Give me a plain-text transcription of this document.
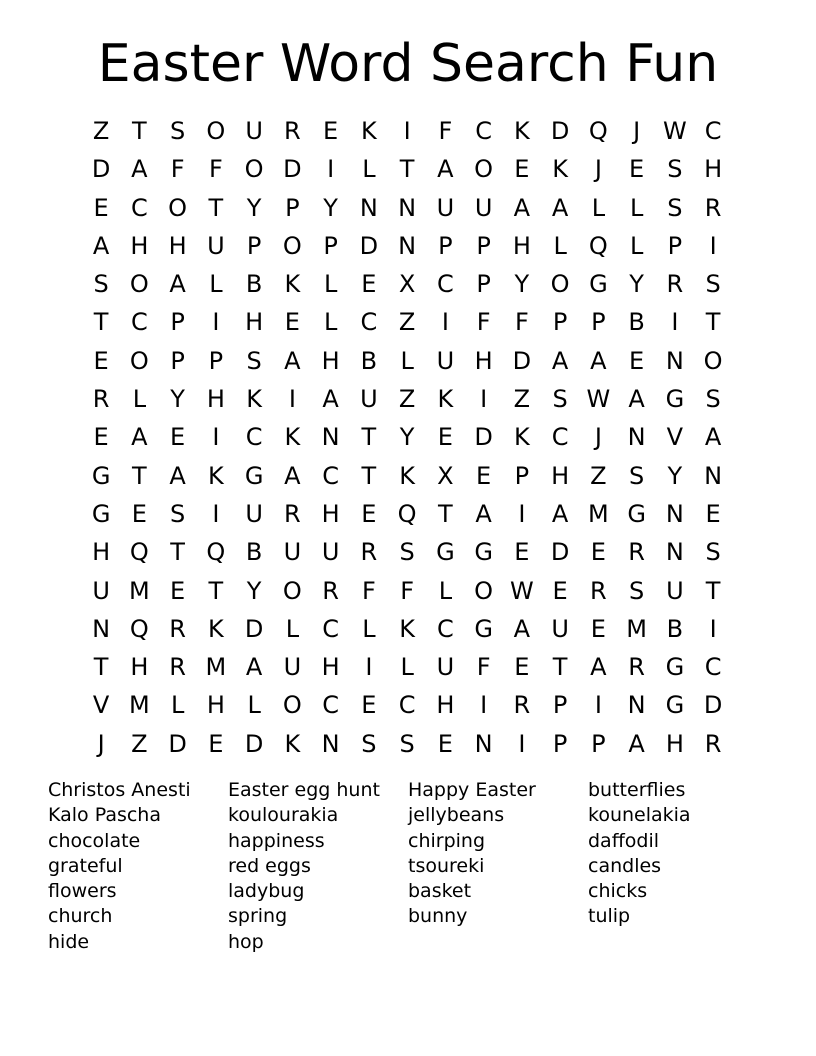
Easter Word Search Fun
Z T S O U R E K	I	F C K D Q	J W C
D A F	F O D	I	L	T A O E K	J	E S H
E C O T Y P Y N N U U A A L	L S R
A H H U P O P D N P P H L Q L	P	I
S O A L B K L E X C P Y O G Y R S
T C P	I	H E L C Z	I	F	F	P P B	I	T
E O P P S A H B L U H D A A E N O
R L	Y H K	I	A U Z K	I	Z S W A G S
E A E	I	C K N T Y E D K C	J	N V A
G T A K G A C T K X E P H Z S Y N
G E S	I	U R H E Q T A	I	A M G N E
H Q T Q B U U R S G G E D E R N S
U M E T Y O R F	F	L O W E R S U T
N Q R K D L C L K C G A U E M B	I
T H R M A U H	I	L U F E T A R G C
V M L H L O C E C H	I	R P	I	N G D
J	Z D E D K N S S E N	I	P P A H R
Christos Anesti
Kalo Pascha
chocolate
grateful
flowers
church
hide
Easter egg hunt
koulourakia
happiness
red eggs
ladybug
spring
hop
Happy Easter
jellybeans
chirping
tsoureki
basket
bunny
butterflies
kounelakia
daffodil
candles
chicks
tulip
